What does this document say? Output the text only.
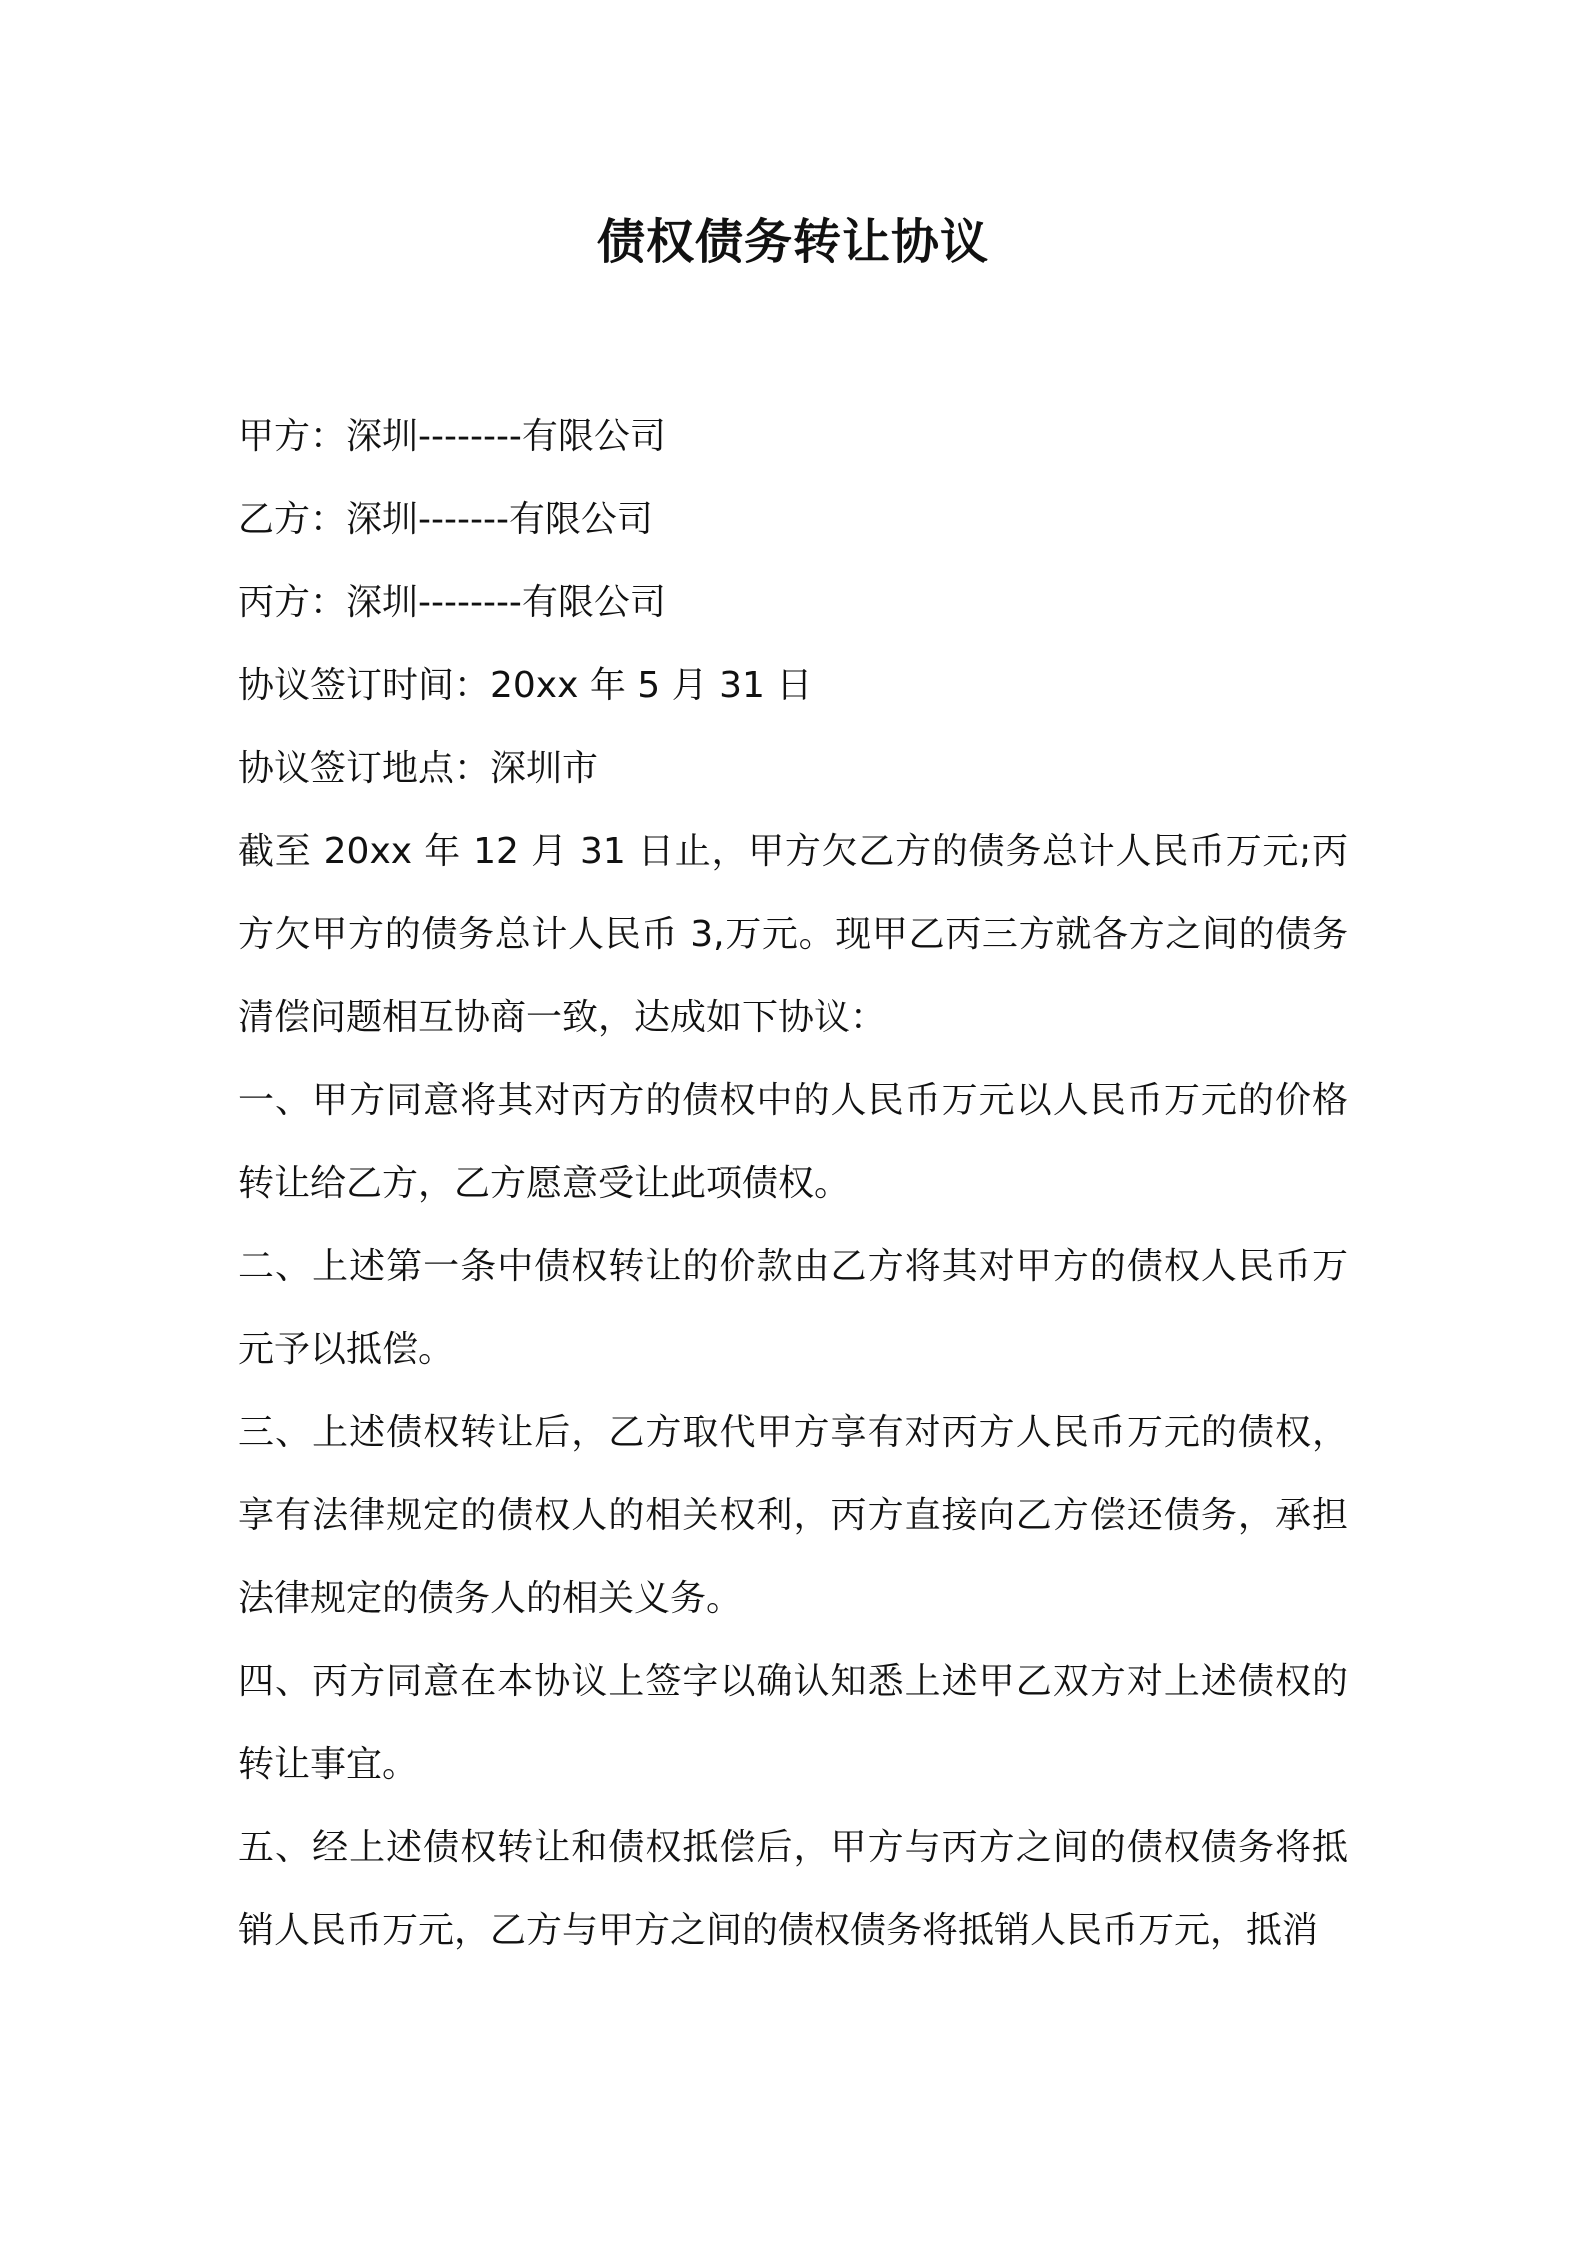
债权债务转让协议

甲方：深圳--------有限公司

乙方：深圳-------有限公司

丙方：深圳--------有限公司

协议签订时间：20xx 年 5 月 31 日

协议签订地点：深圳市

截至 20xx 年 12 月 31 日止，甲方欠乙方的债务总计人民币万元;丙方欠甲方的债务总计人民币 3,万元。现甲乙丙三方就各方之间的债务清偿问题相互协商一致，达成如下协议：

一、甲方同意将其对丙方的债权中的人民币万元以人民币万元的价格转让给乙方，乙方愿意受让此项债权。

二、上述第一条中债权转让的价款由乙方将其对甲方的债权人民币万元予以抵偿。

三、上述债权转让后，乙方取代甲方享有对丙方人民币万元的债权，享有法律规定的债权人的相关权利，丙方直接向乙方偿还债务，承担法律规定的债务人的相关义务。

四、丙方同意在本协议上签字以确认知悉上述甲乙双方对上述债权的转让事宜。

五、经上述债权转让和债权抵偿后，甲方与丙方之间的债权债务将抵销人民币万元，乙方与甲方之间的债权债务将抵销人民币万元，抵消
